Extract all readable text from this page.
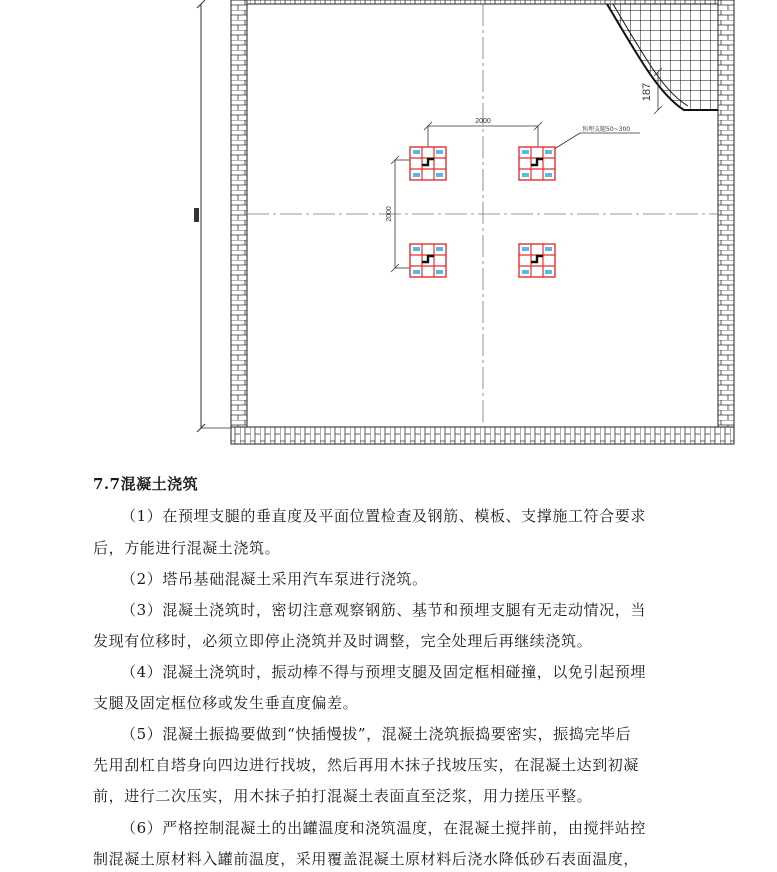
187
2000
2000
预埋支腿50~300
7.7混凝土浇筑
（1）在预埋支腿的垂直度及平面位置检查及钢筋、模板、支撑施工符合要求
后，方能进行混凝土浇筑。
（2）塔吊基础混凝土采用汽车泵进行浇筑。
（3）混凝土浇筑时，密切注意观察钢筋、基节和预埋支腿有无走动情况，当
发现有位移时，必须立即停止浇筑并及时调整，完全处理后再继续浇筑。
（4）混凝土浇筑时，振动棒不得与预埋支腿及固定框相碰撞，以免引起预埋
支腿及固定框位移或发生垂直度偏差。
（5）混凝土振捣要做到“快插慢拔”，混凝土浇筑振捣要密实，振捣完毕后
先用刮杠自塔身向四边进行找坡，然后再用木抹子找坡压实，在混凝土达到初凝
前，进行二次压实，用木抹子拍打混凝土表面直至泛浆，用力搓压平整。
（6）严格控制混凝土的出罐温度和浇筑温度，在混凝土搅拌前，由搅拌站控
制混凝土原材料入罐前温度，采用覆盖混凝土原材料后浇水降低砂石表面温度，
